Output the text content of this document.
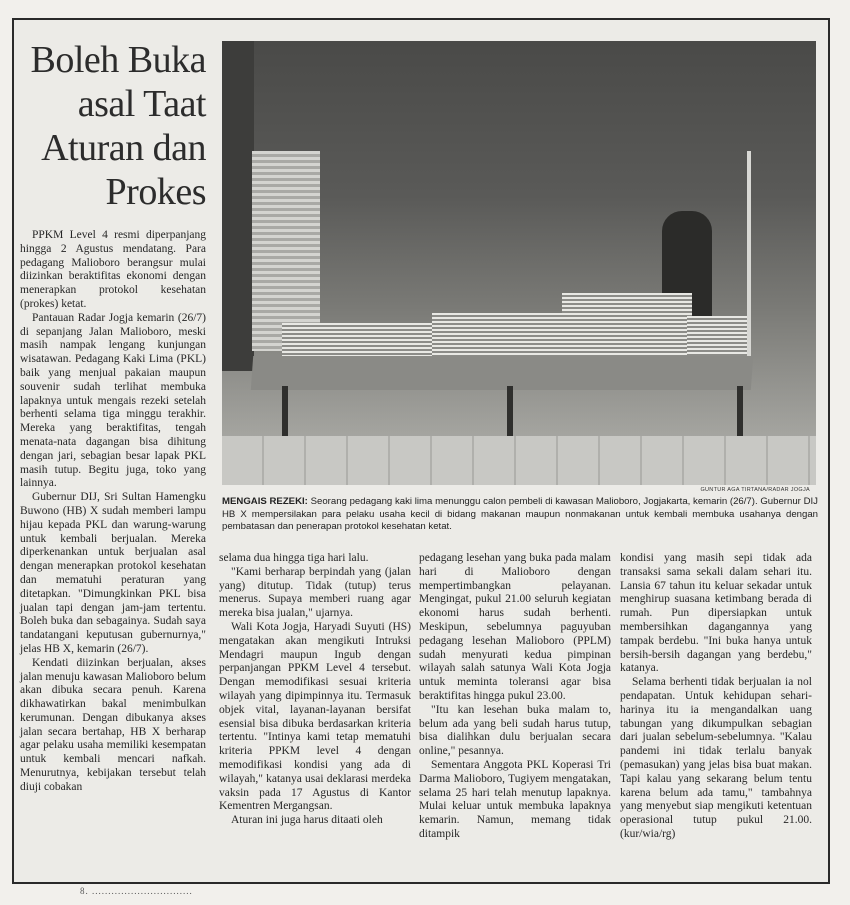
Boleh Buka
asal Taat
Aturan dan
Prokes
GUNTUR AGA TIRTANA/RADAR JOGJA
MENGAIS REZEKI: Seorang pedagang kaki lima menunggu calon pembeli di kawasan Malioboro, Jogjakarta, kemarin (26/7). Gubernur DIJ HB X mempersilakan para pelaku usaha kecil di bidang makanan maupun nonmakanan untuk kembali membuka usahanya dengan pembatasan dan penerapan protokol kesehatan ketat.

PPKM Level 4 resmi diperpanjang hingga 2 Agustus mendatang. Para pedagang Malioboro berangsur mulai diizinkan beraktifitas ekonomi dengan menerapkan protokol kesehatan (prokes) ketat.

Pantauan Radar Jogja kemarin (26/7) di sepanjang Jalan Malioboro, meski masih nampak lengang kunjungan wisatawan. Pedagang Kaki Lima (PKL) baik yang menjual pakaian maupun souvenir sudah terlihat membuka lapaknya untuk mengais rezeki setelah berhenti selama tiga minggu terakhir. Mereka yang beraktifitas, tengah menata-nata dagangan bisa dihitung dengan jari, sebagian besar lapak PKL masih tutup. Begitu juga, toko yang lainnya.

Gubernur DIJ, Sri Sultan Hamengku Buwono (HB) X sudah memberi lampu hijau kepada PKL dan warung-warung untuk kembali berjualan. Mereka diperkenankan untuk berjualan asal dengan menerapkan protokol kesehatan dan mematuhi peraturan yang ditetapkan. "Dimungkinkan PKL bisa jualan tapi dengan jam-jam tertentu. Boleh buka dan sebagainya. Sudah saya tandatangani keputusan gubernurnya," jelas HB X, kemarin (26/7).

Kendati diizinkan berjualan, akses jalan menuju kawasan Malioboro belum akan dibuka secara penuh. Karena dikhawatirkan bakal menimbulkan kerumunan. Dengan dibukanya akses jalan secara bertahap, HB X berharap agar pelaku usaha memiliki kesempatan untuk kembali mencari nafkah. Menurutnya, kebijakan tersebut telah diuji cobakan

selama dua hingga tiga hari lalu.

"Kami berharap berpindah yang (jalan yang) ditutup. Tidak (tutup) terus menerus. Supaya memberi ruang agar mereka bisa jualan," ujarnya.

Wali Kota Jogja, Haryadi Suyuti (HS) mengatakan akan mengikuti Intruksi Mendagri maupun Ingub dengan perpanjangan PPKM Level 4 tersebut. Dengan memodifikasi sesuai kriteria wilayah yang dipimpinnya itu. Termasuk objek vital, layanan-layanan bersifat esensial bisa dibuka berdasarkan kriteria tertentu. "Intinya kami tetap mematuhi kriteria PPKM level 4 dengan memodifikasi kondisi yang ada di wilayah," katanya usai deklarasi merdeka vaksin pada 17 Agustus di Kantor Kementren Mergangsan.

Aturan ini juga harus ditaati oleh

pedagang lesehan yang buka pada malam hari di Malioboro dengan mempertimbangkan pelayanan. Mengingat, pukul 21.00 seluruh kegiatan ekonomi harus sudah berhenti. Meskipun, sebelumnya paguyuban pedagang lesehan Malioboro (PPLM) sudah menyurati kedua pimpinan wilayah salah satunya Wali Kota Jogja untuk meminta toleransi agar bisa beraktifitas hingga pukul 23.00.

"Itu kan lesehan buka malam to, belum ada yang beli sudah harus tutup, bisa dialihkan dulu berjualan secara online," pesannya.

Sementara Anggota PKL Koperasi Tri Darma Malioboro, Tugiyem mengatakan, selama 25 hari telah menutup lapaknya. Mulai keluar untuk membuka lapaknya kemarin. Namun, memang tidak ditampik

kondisi yang masih sepi tidak ada transaksi sama sekali dalam sehari itu. Lansia 67 tahun itu keluar sekadar untuk menghirup suasana ketimbang berada di rumah. Pun dipersiapkan untuk membersihkan dagangannya yang tampak berdebu. "Ini buka hanya untuk bersih-bersih dagangan yang berdebu," katanya.

Selama berhenti tidak berjualan ia nol pendapatan. Untuk kehidupan sehari-harinya itu ia mengandalkan uang tabungan yang dikumpulkan sebagian dari jualan sebelum-sebelumnya. "Kalau pandemi ini tidak terlalu banyak (pemasukan) yang jelas bisa buat makan. Tapi kalau yang sekarang belum tentu karena belum ada tamu," tambahnya yang menyebut siap mengikuti ketentuan operasional tutup pukul 21.00. (kur/wia/rg)

8. ...............................
